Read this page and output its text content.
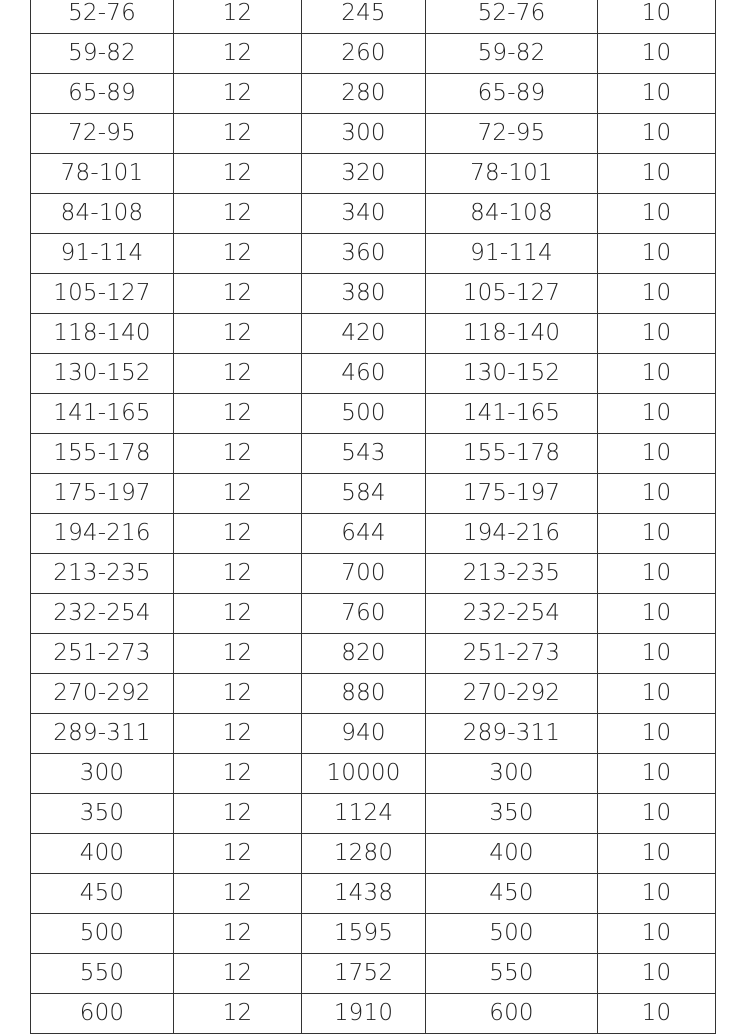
52-76	12	245	52-76	10
59-82	12	260	59-82	10
65-89	12	280	65-89	10
72-95	12	300	72-95	10
78-101	12	320	78-101	10
84-108	12	340	84-108	10
91-114	12	360	91-114	10
105-127	12	380	105-127	10
118-140	12	420	118-140	10
130-152	12	460	130-152	10
141-165	12	500	141-165	10
155-178	12	543	155-178	10
175-197	12	584	175-197	10
194-216	12	644	194-216	10
213-235	12	700	213-235	10
232-254	12	760	232-254	10
251-273	12	820	251-273	10
270-292	12	880	270-292	10
289-311	12	940	289-311	10
300	12	10000	300	10
350	12	1124	350	10
400	12	1280	400	10
450	12	1438	450	10
500	12	1595	500	10
550	12	1752	550	10
600	12	1910	600	10
